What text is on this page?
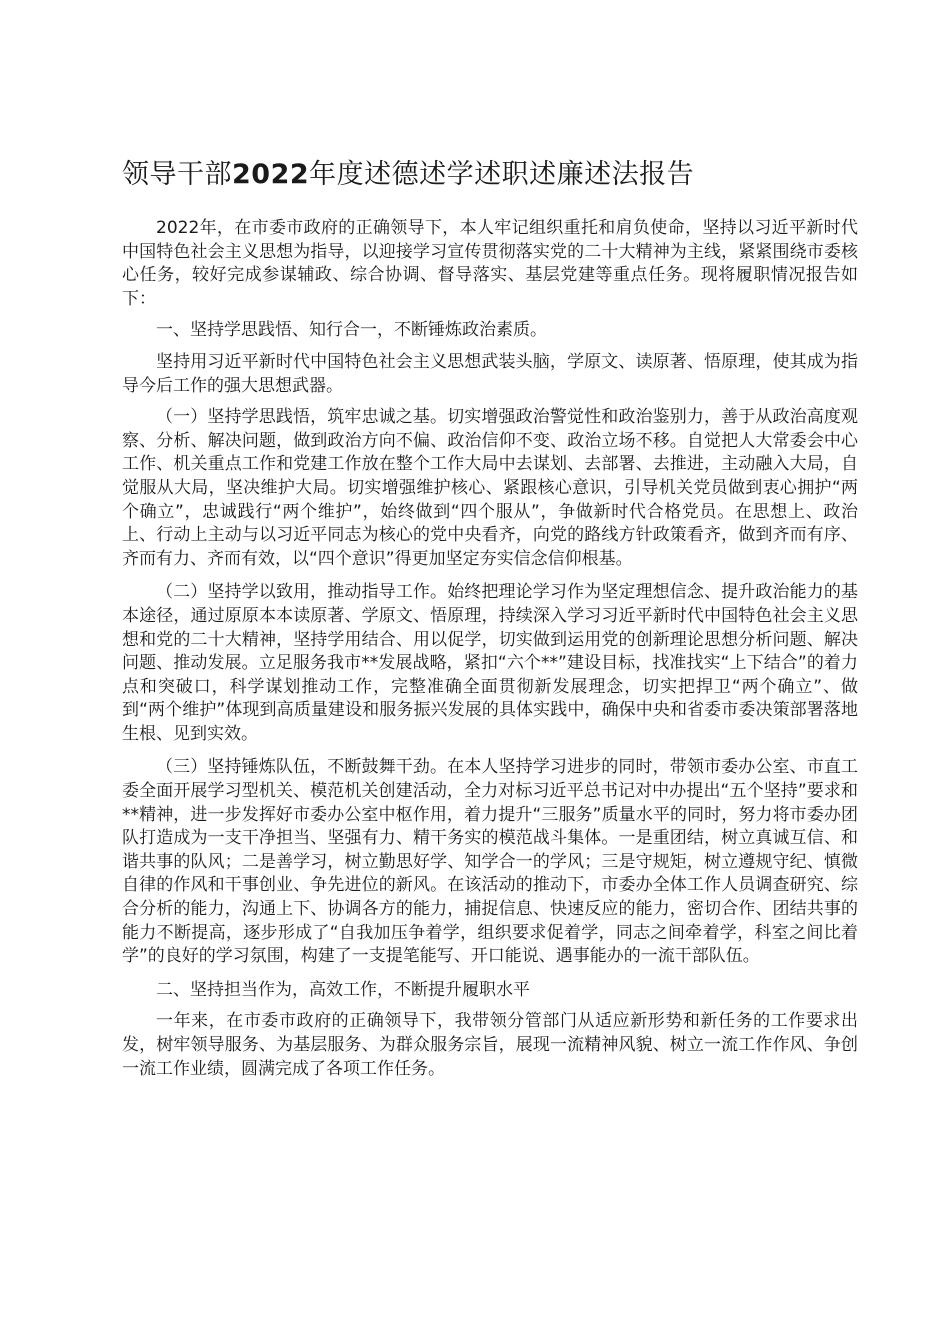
领导干部2022年度述德述学述职述廉述法报告

2022年，在市委市政府的正确领导下，本人牢记组织重托和肩负使命，坚持以习近平新时代中国特色社会主义思想为指导，以迎接学习宣传贯彻落实党的二十大精神为主线，紧紧围绕市委核心任务，较好完成参谋辅政、综合协调、督导落实、基层党建等重点任务。现将履职情况报告如下：

一、坚持学思践悟、知行合一，不断锤炼政治素质。

坚持用习近平新时代中国特色社会主义思想武装头脑，学原文、读原著、悟原理，使其成为指导今后工作的强大思想武器。

（一）坚持学思践悟，筑牢忠诚之基。切实增强政治警觉性和政治鉴别力，善于从政治高度观察、分析、解决问题，做到政治方向不偏、政治信仰不变、政治立场不移。自觉把人大常委会中心工作、机关重点工作和党建工作放在整个工作大局中去谋划、去部署、去推进，主动融入大局，自觉服从大局，坚决维护大局。切实增强维护核心、紧跟核心意识，引导机关党员做到衷心拥护“两个确立”，忠诚践行“两个维护”，始终做到“四个服从”，争做新时代合格党员。在思想上、政治上、行动上主动与以习近平同志为核心的党中央看齐，向党的路线方针政策看齐，做到齐而有序、齐而有力、齐而有效，以“四个意识”得更加坚定夯实信念信仰根基。

（二）坚持学以致用，推动指导工作。始终把理论学习作为坚定理想信念、提升政治能力的基本途径，通过原原本本读原著、学原文、悟原理，持续深入学习习近平新时代中国特色社会主义思想和党的二十大精神，坚持学用结合、用以促学，切实做到运用党的创新理论思想分析问题、解决问题、推动发展。立足服务我市**发展战略，紧扣“六个**”建设目标，找准找实“上下结合”的着力点和突破口，科学谋划推动工作，完整准确全面贯彻新发展理念，切实把捍卫“两个确立”、做到“两个维护”体现到高质量建设和服务振兴发展的具体实践中，确保中央和省委市委决策部署落地生根、见到实效。

（三）坚持锤炼队伍，不断鼓舞干劲。在本人坚持学习进步的同时，带领市委办公室、市直工委全面开展学习型机关、模范机关创建活动，全力对标习近平总书记对中办提出“五个坚持”要求和**精神，进一步发挥好市委办公室中枢作用，着力提升“三服务”质量水平的同时，努力将市委办团队打造成为一支干净担当、坚强有力、精干务实的模范战斗集体。一是重团结，树立真诚互信、和谐共事的队风；二是善学习，树立勤思好学、知学合一的学风；三是守规矩，树立遵规守纪、慎微自律的作风和干事创业、争先进位的新风。在该活动的推动下，市委办全体工作人员调查研究、综合分析的能力，沟通上下、协调各方的能力，捕捉信息、快速反应的能力，密切合作、团结共事的能力不断提高，逐步形成了“自我加压争着学，组织要求促着学，同志之间牵着学，科室之间比着学”的良好的学习氛围，构建了一支提笔能写、开口能说、遇事能办的一流干部队伍。

二、坚持担当作为，高效工作，不断提升履职水平

一年来，在市委市政府的正确领导下，我带领分管部门从适应新形势和新任务的工作要求出发，树牢领导服务、为基层服务、为群众服务宗旨，展现一流精神风貌、树立一流工作作风、争创一流工作业绩，圆满完成了各项工作任务。
